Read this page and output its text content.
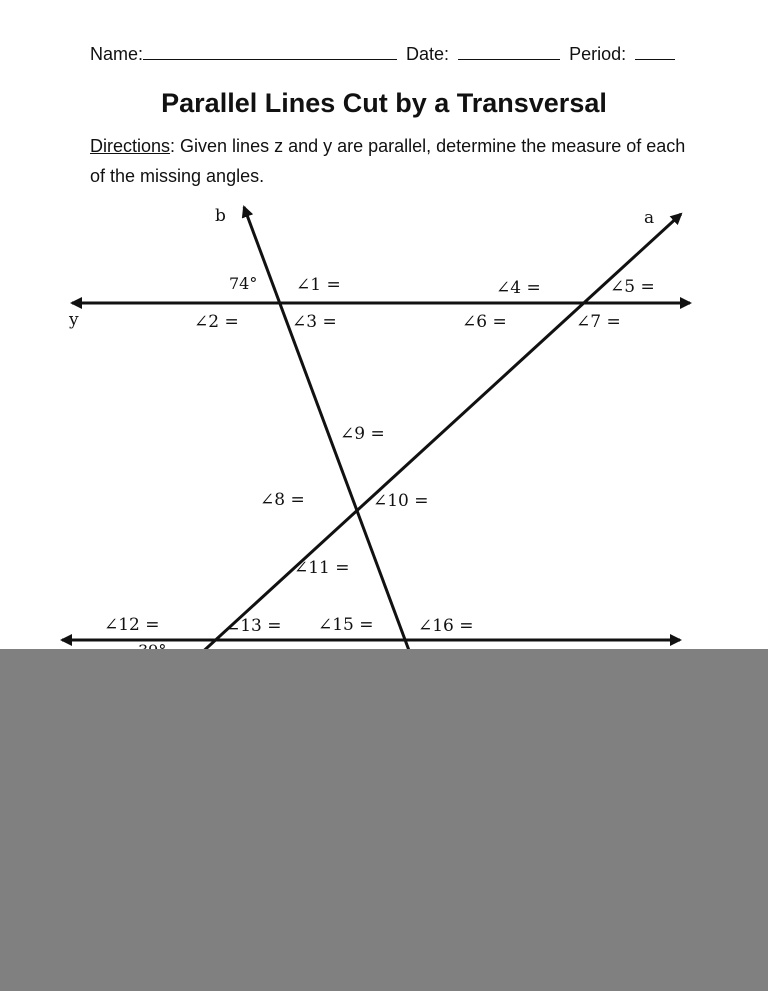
Name:	Date:	Period:
Parallel Lines Cut by a Transversal
Directions: Given lines z and y are parallel, determine the measure of each of the missing angles.
b	a
y
74° ∠1 =
∠2 =	∠3 =
∠4 =	∠5 =
∠6 =	∠7 =
∠8 =
∠9 =
∠10 =
∠11 =
∠12 =	∠13 = ∠15 =	∠16 =
